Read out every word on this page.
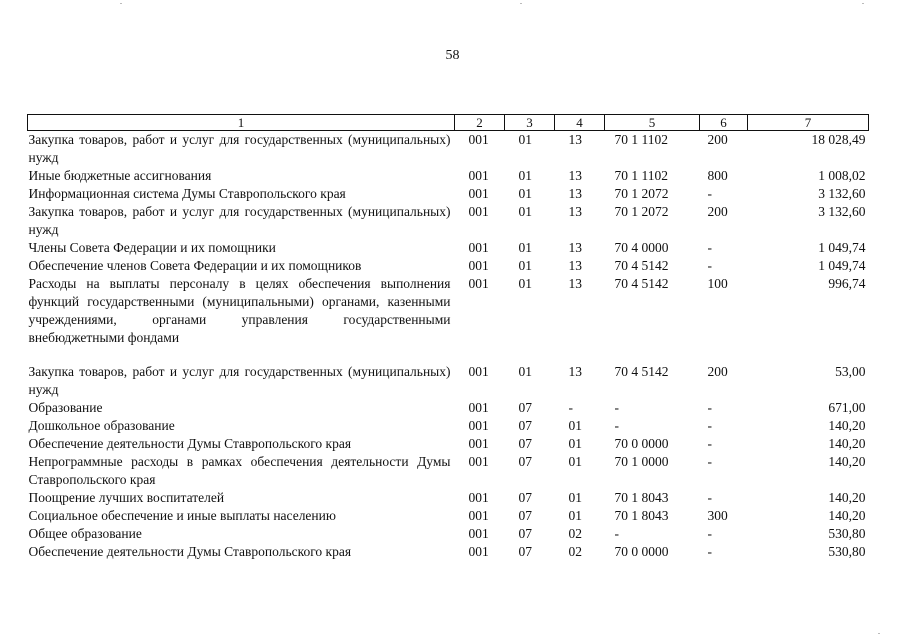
58
1	2	3	4	5	6	7
Закупка товаров, работ и услуг для государственных (муниципальных) нужд	001	01	13	70 1 1102	200	18 028,49
Иные бюджетные ассигнования	001	01	13	70 1 1102	800	1 008,02
Информационная система Думы Ставропольского края	001	01	13	70 1 2072	-	3 132,60
Закупка товаров, работ и услуг для государственных (муниципальных) нужд	001	01	13	70 1 2072	200	3 132,60
Члены Совета Федерации и их помощники	001	01	13	70 4 0000	-	1 049,74
Обеспечение членов Совета Федерации и их помощников	001	01	13	70 4 5142	-	1 049,74
Расходы на выплаты персоналу в целях обеспечения выполнения функций государственными (муниципальными) органами, казенными учреждениями, органами управления государственными внебюджетными фондами	001	01	13	70 4 5142	100	996,74
Закупка товаров, работ и услуг для государственных (муниципальных) нужд	001	01	13	70 4 5142	200	53,00
Образование	001	07	-	-	-	671,00
Дошкольное образование	001	07	01	-	-	140,20
Обеспечение деятельности Думы Ставропольского края	001	07	01	70 0 0000	-	140,20
Непрограммные расходы в рамках обеспечения деятельности Думы Ставропольского края	001	07	01	70 1 0000	-	140,20
Поощрение лучших воспитателей	001	07	01	70 1 8043	-	140,20
Социальное обеспечение и иные выплаты населению	001	07	01	70 1 8043	300	140,20
Общее образование	001	07	02	-	-	530,80
Обеспечение деятельности Думы Ставропольского края	001	07	02	70 0 0000	-	530,80
